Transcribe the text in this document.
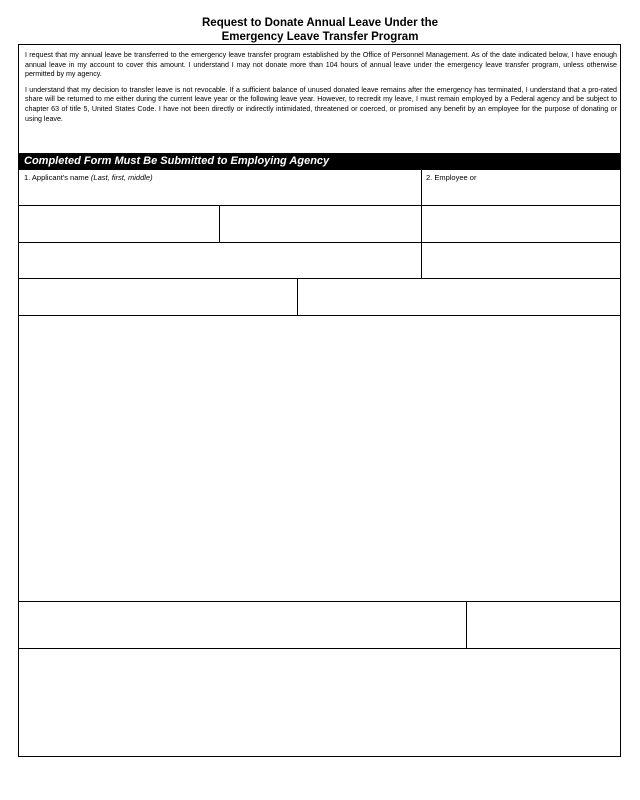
Request to Donate Annual Leave Under the
Emergency Leave Transfer Program

I request that my annual leave be transferred to the emergency leave transfer program established by the Office of Personnel Management. As of the date indicated below, I have enough annual leave in my account to cover this amount. I understand I may not donate more than 104 hours of annual leave under the emergency leave transfer program, unless otherwise permitted by my agency.

I understand that my decision to transfer leave is not revocable. If a sufficient balance of unused donated leave remains after the emergency has terminated, I understand that a pro-rated share will be returned to me either during the current leave year or the following leave year. However, to recredit my leave, I must remain employed by a Federal agency and be subject to chapter 63 of title 5, United States Code. I have not been directly or indirectly intimidated, threatened or coerced, or promised any benefit by an employee for the purpose of donating or using leave.

Completed Form Must Be Submitted to Employing Agency
1. Applicant's name (Last, first, middle)	2. Employee or
